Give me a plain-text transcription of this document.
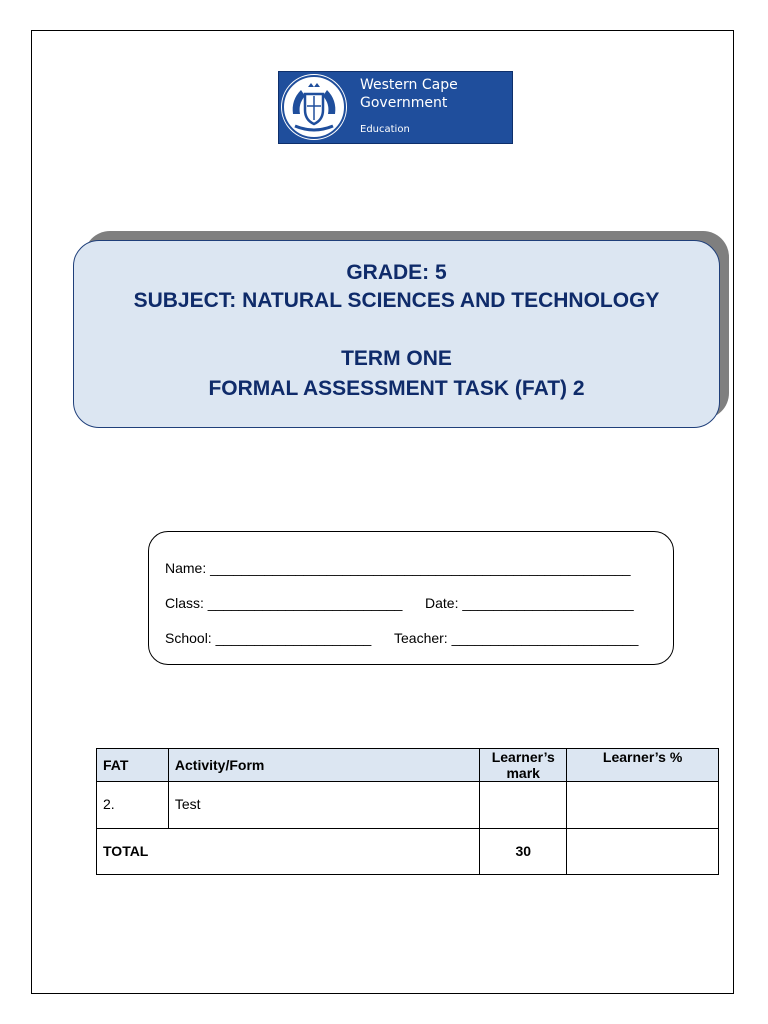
Western Cape
Government
Education
GRADE: 5
SUBJECT: NATURAL SCIENCES AND TECHNOLOGY
TERM ONE
FORMAL ASSESSMENT TASK (FAT) 2
Name: ______________________________________________________
Class: _________________________ Date: ______________________
School: ____________________ Teacher: ________________________
FAT	Activity/Form	Learner’s mark	Learner’s %
2.	Test		
TOTAL		30	
